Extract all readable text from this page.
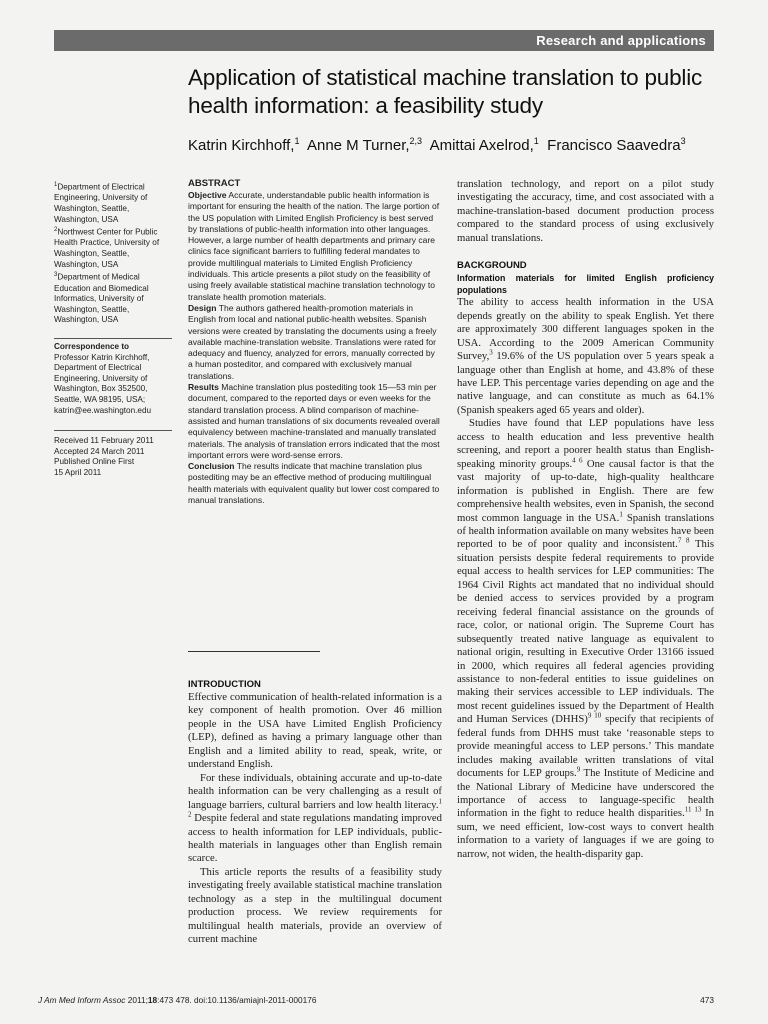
Research and applications
Application of statistical machine translation to public health information: a feasibility study
Katrin Kirchhoff,$^1$ Anne M Turner,$^{2,3}$ Amittai Axelrod,$^1$ Francisco Saavedra$^3$

$^1$Department of Electrical Engineering, University of Washington, Seattle, Washington, USA

$^2$Northwest Center for Public Health Practice, University of Washington, Seattle, Washington, USA

$^3$Department of Medical Education and Biomedical Informatics, University of Washington, Seattle, Washington, USA

Correspondence to

Professor Katrin Kirchhoff, Department of Electrical Engineering, University of Washington, Box 352500, Seattle, WA 98195, USA; katrin@ee.washington.edu

Received 11 February 2011

Accepted 24 March 2011

Published Online First

15 April 2011

ABSTRACT

Objective Accurate, understandable public health information is important for ensuring the health of the nation. The large portion of the US population with Limited English Proficiency is best served by translations of public-health information into other languages. However, a large number of health departments and primary care clinics face significant barriers to fulfilling federal mandates to provide multilingual materials to Limited English Proficiency individuals. This article presents a pilot study on the feasibility of using freely available statistical machine translation technology to translate health promotion materials.

Design The authors gathered health-promotion materials in English from local and national public-health websites. Spanish versions were created by translating the documents using a freely available machine-translation website. Translations were rated for adequacy and fluency, analyzed for errors, manually corrected by a human posteditor, and compared with exclusively manual translations.

Results Machine translation plus postediting took 15—53 min per document, compared to the reported days or even weeks for the standard translation process. A blind comparison of machine-assisted and human translations of six documents revealed overall equivalency between machine-translated and manually translated materials. The analysis of translation errors indicated that the most important errors were word-sense errors.

Conclusion The results indicate that machine translation plus postediting may be an effective method of producing multilingual health materials with equivalent quality but lower cost compared to manual translations.

INTRODUCTION

Effective communication of health-related information is a key component of health promotion. Over 46 million people in the USA have Limited English Proficiency (LEP), defined as having a primary language other than English and a limited ability to read, speak, write, or understand English.

For these individuals, obtaining accurate and up-to-date health information can be very challenging as a result of language barriers, cultural barriers and low health literacy.$^{1 2}$ Despite federal and state regulations mandating improved access to health information for LEP individuals, public-health materials in languages other than English remain scarce.

This article reports the results of a feasibility study investigating freely available statistical machine translation technology as a step in the multilingual document production process. We review requirements for multilingual health materials, provide an overview of current machine

translation technology, and report on a pilot study investigating the accuracy, time, and cost associated with a machine-translation-based document production process compared to the standard process of using exclusively manual translations.

BACKGROUND
Information materials for limited English proficiency populations

The ability to access health information in the USA depends greatly on the ability to speak English. Yet there are approximately 300 different languages spoken in the USA. According to the 2009 American Community Survey,$^3$ 19.6% of the US population over 5 years speak a language other than English at home, and 43.8% of these have LEP. This percentage varies depending on age and the native language, and can constitute as much as 64.1% (Spanish speakers aged 65 years and older).

Studies have found that LEP populations have less access to health education and less preventive health screening, and report a poorer health status than English-speaking minority groups.$^{4 6}$ One causal factor is that the vast majority of up-to-date, high-quality healthcare information is published in English. There are few comprehensive health websites, even in Spanish, the second most common language in the USA.$^1$ Spanish translations of health information available on many websites have been reported to be of poor quality and inconsistent.$^{7 8}$ This situation persists despite federal requirements to provide equal access to health services for LEP communities: The 1964 Civil Rights act mandated that no individual should be denied access to services provided by a program receiving federal financial assistance on the grounds of race, color, or national origin. The Supreme Court has subsequently treated native language as equivalent to national origin, resulting in Executive Order 13166 issued in 2000, which requires all federal agencies providing assistance to non-federal entities to issue guidelines on making their services accessible to LEP individuals. The most recent guidelines issued by the Department of Health and Human Services (DHHS)$^{9 10}$ specify that recipients of federal funds from DHHS must take ‘reasonable steps to provide meaningful access to LEP persons.’ This mandate includes making available written translations of vital documents for LEP groups.$^9$ The Institute of Medicine and the National Library of Medicine have underscored the importance of access to language-specific health information in the fight to reduce health disparities.$^{11 13}$ In sum, we need efficient, low-cost ways to convert health information to a variety of languages if we are going to narrow, not widen, the health-disparity gap.

J Am Med Inform Assoc 2011;18:473 478. doi:10.1136/amiajnl-2011-000176	473
